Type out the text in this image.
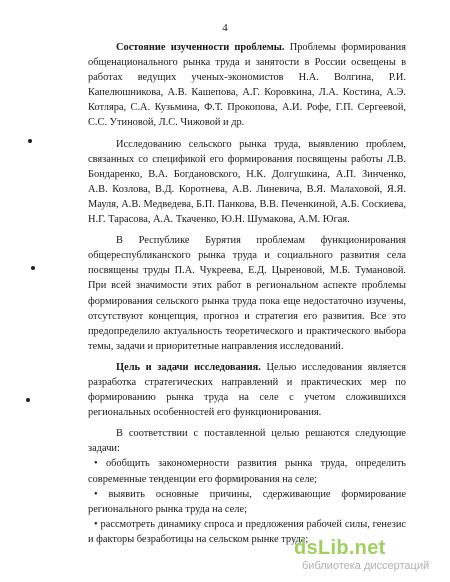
4

Состояние изученности проблемы. Проблемы формирования общенационального рынка труда и занятости в России освещены в работах ведущих ученых-экономистов Н.А. Волгина, Р.И. Капелюшникова, А.В. Кашепова, А.Г. Коровкина, Л.А. Костина, А.Э. Котляра, С.А. Кузьмина, Ф.Т. Прокопова, А.И. Рофе, Г.П. Сергеевой, С.С. Утиновой, Л.С. Чижовой и др.

Исследованию сельского рынка труда, выявлению проблем, связанных со спецификой его формирования посвящены работы Л.В. Бондаренко, В.А. Богдановского, Н.К. Долгушкина, А.П. Зинченко, А.В. Козлова, В.Д. Коротнева, А.В. Линевича, В.Я. Малаховой, Я.Я. Мауля, А.В. Медведева, Б.П. Панкова, В.В. Печенкиной, А.Б. Соскиева, Н.Г. Тарасова, А.А. Ткаченко, Ю.Н. Шумакова, А.М. Югая.

В Республике Бурятия проблемам функционирования общереспубликанского рынка труда и социального развития села посвящены труды П.А. Чукреева, Е.Д. Цыреновой, М.Б. Тумановой. При всей значимости этих работ в региональном аспекте проблемы формирования сельского рынка труда пока еще недостаточно изучены, отсутствуют концепция, прогноз и стратегия его развития. Все это предопределило актуальность теоретического и практического выбора темы, задачи и приоритетные направления исследований.

Цель и задачи исследования. Целью исследования является разработка стратегических направлений и практических мер по формированию рынка труда на селе с учетом сложившихся региональных особенностей его функционирования.

В соответствии с поставленной целью решаются следующие задачи:

• обобщить закономерности развития рынка труда, определить современные тенденции его формирования на селе;

• выявить основные причины, сдерживающие формирование регионального рынка труда на селе;

• рассмотреть динамику спроса и предложения рабочей силы, генезис и факторы безработицы на сельском рынке труда;

dsLib.net
библиотека диссертаций
